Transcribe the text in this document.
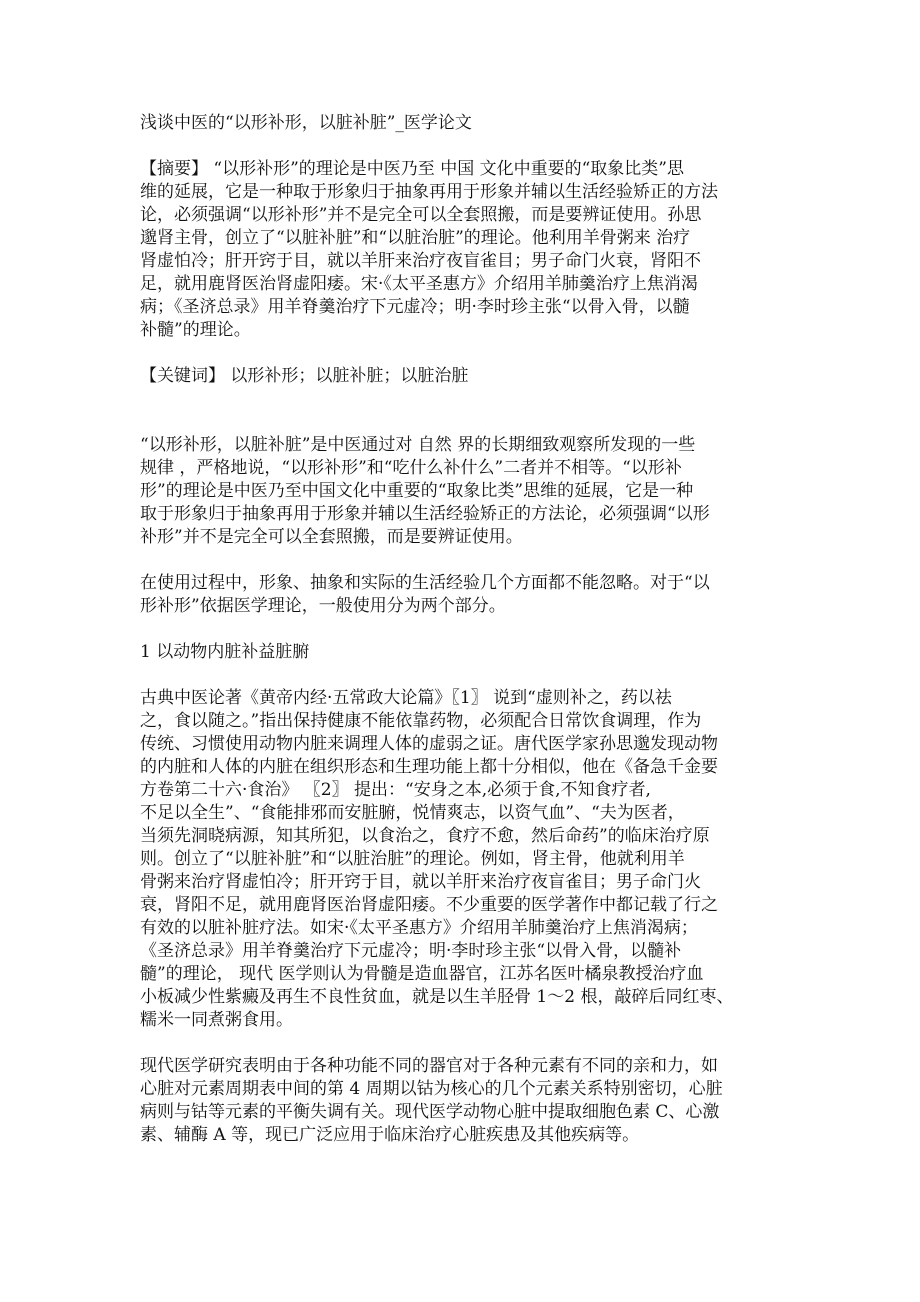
浅谈中医的“以形补形，以脏补脏”_医学论文
【摘要】 “以形补形”的理论是中医乃至 中国 文化中重要的“取象比类”思
维的延展，它是一种取于形象归于抽象再用于形象并辅以生活经验矫正的方法
论，必须强调“以形补形”并不是完全可以全套照搬，而是要辨证使用。孙思
邈肾主骨，创立了“以脏补脏”和“以脏治脏”的理论。他利用羊骨粥来 治疗
肾虚怕冷；肝开窍于目，就以羊肝来治疗夜盲雀目；男子命门火衰，肾阳不
足，就用鹿肾医治肾虚阳痿。宋·《太平圣惠方》介绍用羊肺羹治疗上焦消渴
病；《圣济总录》用羊脊羹治疗下元虚冷；明·李时珍主张“以骨入骨，以髓
补髓”的理论。
【关键词】 以形补形；以脏补脏；以脏治脏
“以形补形，以脏补脏”是中医通过对 自然 界的长期细致观察所发现的一些
规律 ，严格地说，“以形补形”和“吃什么补什么”二者并不相等。“以形补
形”的理论是中医乃至中国文化中重要的“取象比类”思维的延展，它是一种
取于形象归于抽象再用于形象并辅以生活经验矫正的方法论，必须强调“以形
补形”并不是完全可以全套照搬，而是要辨证使用。
在使用过程中，形象、抽象和实际的生活经验几个方面都不能忽略。对于“以
形补形”依据医学理论，一般使用分为两个部分。
1 以动物内脏补益脏腑
古典中医论著《黄帝内经·五常政大论篇》〖1〗 说到“虚则补之，药以祛
之，食以随之。”指出保持健康不能依靠药物，必须配合日常饮食调理，作为
传统、习惯使用动物内脏来调理人体的虚弱之证。唐代医学家孙思邈发现动物
的内脏和人体的内脏在组织形态和生理功能上都十分相似，他在《备急千金要
方卷第二十六·食治》 〖2〗 提出：“安身之本,必须于食,不知食疗者,
不足以全生”、“食能排邪而安脏腑，悦情爽志，以资气血”、“夫为医者，
当须先洞晓病源，知其所犯，以食治之，食疗不愈，然后命药”的临床治疗原
则。创立了“以脏补脏”和“以脏治脏”的理论。例如，肾主骨，他就利用羊
骨粥来治疗肾虚怕冷；肝开窍于目，就以羊肝来治疗夜盲雀目；男子命门火
衰，肾阳不足，就用鹿肾医治肾虚阳痿。不少重要的医学著作中都记载了行之
有效的以脏补脏疗法。如宋·《太平圣惠方》介绍用羊肺羹治疗上焦消渴病；
《圣济总录》用羊脊羹治疗下元虚冷；明·李时珍主张“以骨入骨，以髓补
髓”的理论， 现代 医学则认为骨髓是造血器官，江苏名医叶橘泉教授治疗血
小板减少性紫癜及再生不良性贫血，就是以生羊胫骨 1～2 根，敲碎后同红枣、
糯米一同煮粥食用。
现代医学研究表明由于各种功能不同的器官对于各种元素有不同的亲和力，如
心脏对元素周期表中间的第 4 周期以钴为核心的几个元素关系特别密切，心脏
病则与钴等元素的平衡失调有关。现代医学动物心脏中提取细胞色素 C、心激
素、辅酶 A 等，现已广泛应用于临床治疗心脏疾患及其他疾病等。
